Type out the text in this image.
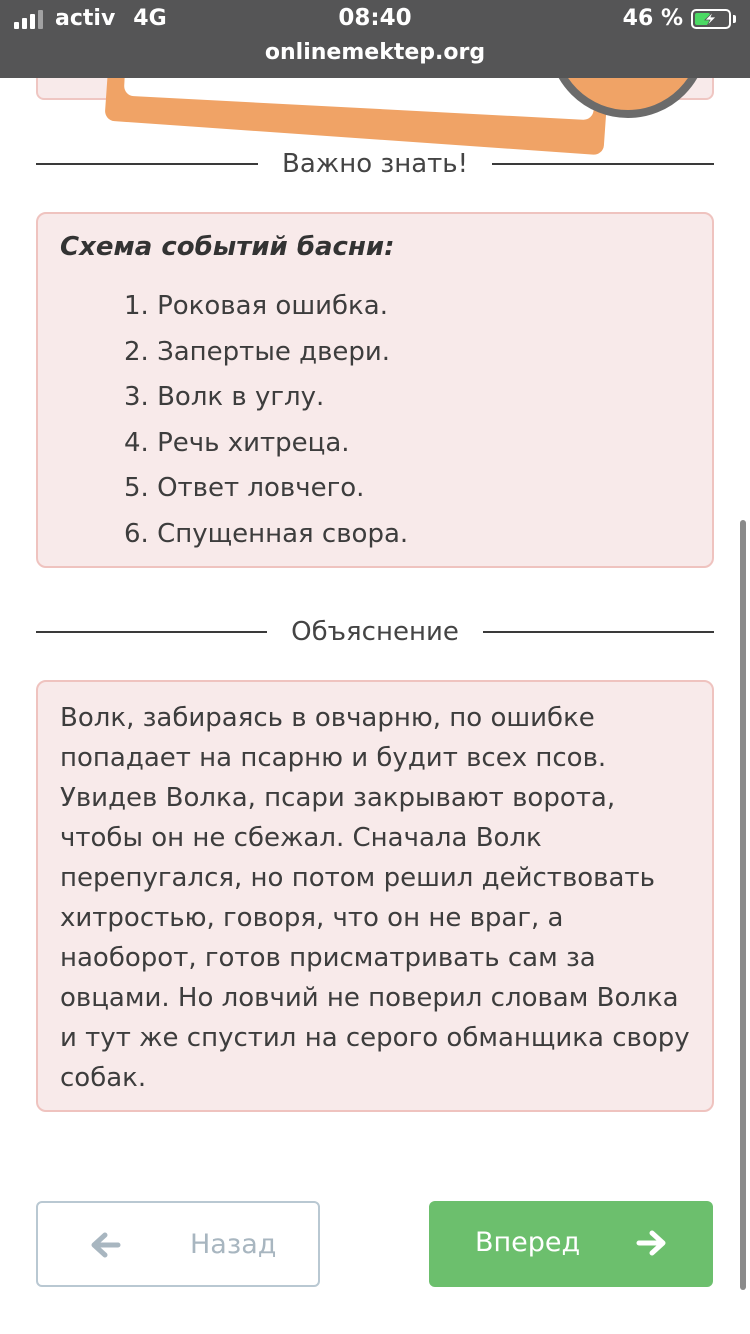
activ 4G	08:40
onlinemektep.org
46 %
Важно знать!
Схема событий басни:
1. Роковая ошибка.
2. Запертые двери.
3. Волк в углу.
4. Речь хитреца.
5. Ответ ловчего.
6. Спущенная свора.
Объяснение
Волк, забираясь в овчарню, по ошибке попадает на псарню и будит всех псов. Увидев Волка, псари закрывают ворота, чтобы он не сбежал. Сначала Волк перепугался, но потом решил действовать хитростью, говоря, что он не враг, а наоборот, готов присматривать сам за овцами. Но ловчий не поверил словам Волка и тут же спустил на серого обманщика свору собак.
Назад	Вперед
